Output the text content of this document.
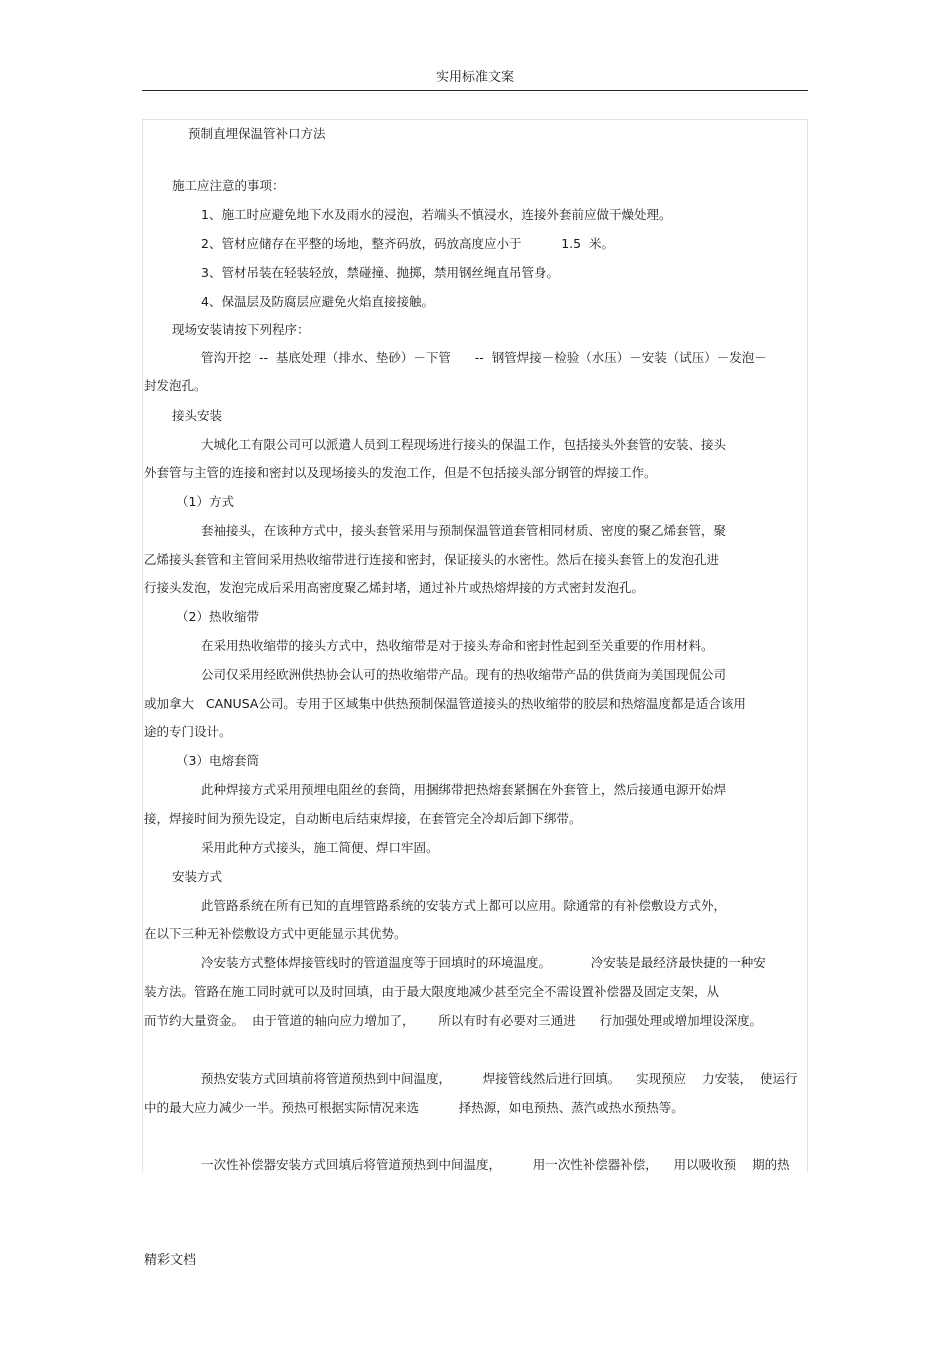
实用标准文案
预制直埋保温管补口方法
施工应注意的事项：
1、施工时应避免地下水及雨水的浸泡，若端头不慎浸水，连接外套前应做干燥处理。
2、管材应储存在平整的场地，整齐码放，码放高度应小于          1.5  米。
3、管材吊装在轻装轻放，禁碰撞、抛掷，禁用钢丝绳直吊管身。
4、保温层及防腐层应避免火焰直接接触。
现场安装请按下列程序：
管沟开挖  --  基底处理（排水、垫砂）－下管      --  钢管焊接－检验（水压）－安装（试压）－发泡－
封发泡孔。
接头安装
大城化工有限公司可以派遣人员到工程现场进行接头的保温工作，包括接头外套管的安装、接头
外套管与主管的连接和密封以及现场接头的发泡工作，但是不包括接头部分钢管的焊接工作。
（1）方式
套袖接头，在该种方式中，接头套管采用与预制保温管道套管相同材质、密度的聚乙烯套管，聚
乙烯接头套管和主管间采用热收缩带进行连接和密封，保证接头的水密性。然后在接头套管上的发泡孔进
行接头发泡，发泡完成后采用高密度聚乙烯封堵，通过补片或热熔焊接的方式密封发泡孔。
（2）热收缩带
在采用热收缩带的接头方式中，热收缩带是对于接头寿命和密封性起到至关重要的作用材料。
公司仅采用经欧洲供热协会认可的热收缩带产品。现有的热收缩带产品的供货商为美国现侃公司
或加拿大   CANUSA公司。专用于区域集中供热预制保温管道接头的热收缩带的胶层和热熔温度都是适合该用
途的专门设计。
（3）电熔套筒
此种焊接方式采用预埋电阻丝的套筒，用捆绑带把热熔套紧捆在外套管上，然后接通电源开始焊
接，焊接时间为预先设定，自动断电后结束焊接，在套管完全冷却后卸下绑带。
采用此种方式接头，施工简便、焊口牢固。
安装方式
此管路系统在所有已知的直埋管路系统的安装方式上都可以应用。除通常的有补偿敷设方式外，
在以下三种无补偿敷设方式中更能显示其优势。
冷安装方式整体焊接管线时的管道温度等于回填时的环境温度。          冷安装是最经济最快捷的一种安
装方法。管路在施工同时就可以及时回填，由于最大限度地减少甚至完全不需设置补偿器及固定支架，从
而节约大量资金。  由于管道的轴向应力增加了，      所以有时有必要对三通进      行加强处理或增加埋设深度。
预热安装方式回填前将管道预热到中间温度，        焊接管线然后进行回填。    实现预应    力安装，  使运行
中的最大应力减少一半。预热可根据实际情况来选          择热源，如电预热、蒸汽或热水预热等。
一次性补偿器安装方式回填后将管道预热到中间温度，        用一次性补偿器补偿，    用以吸收预    期的热
精彩文档
